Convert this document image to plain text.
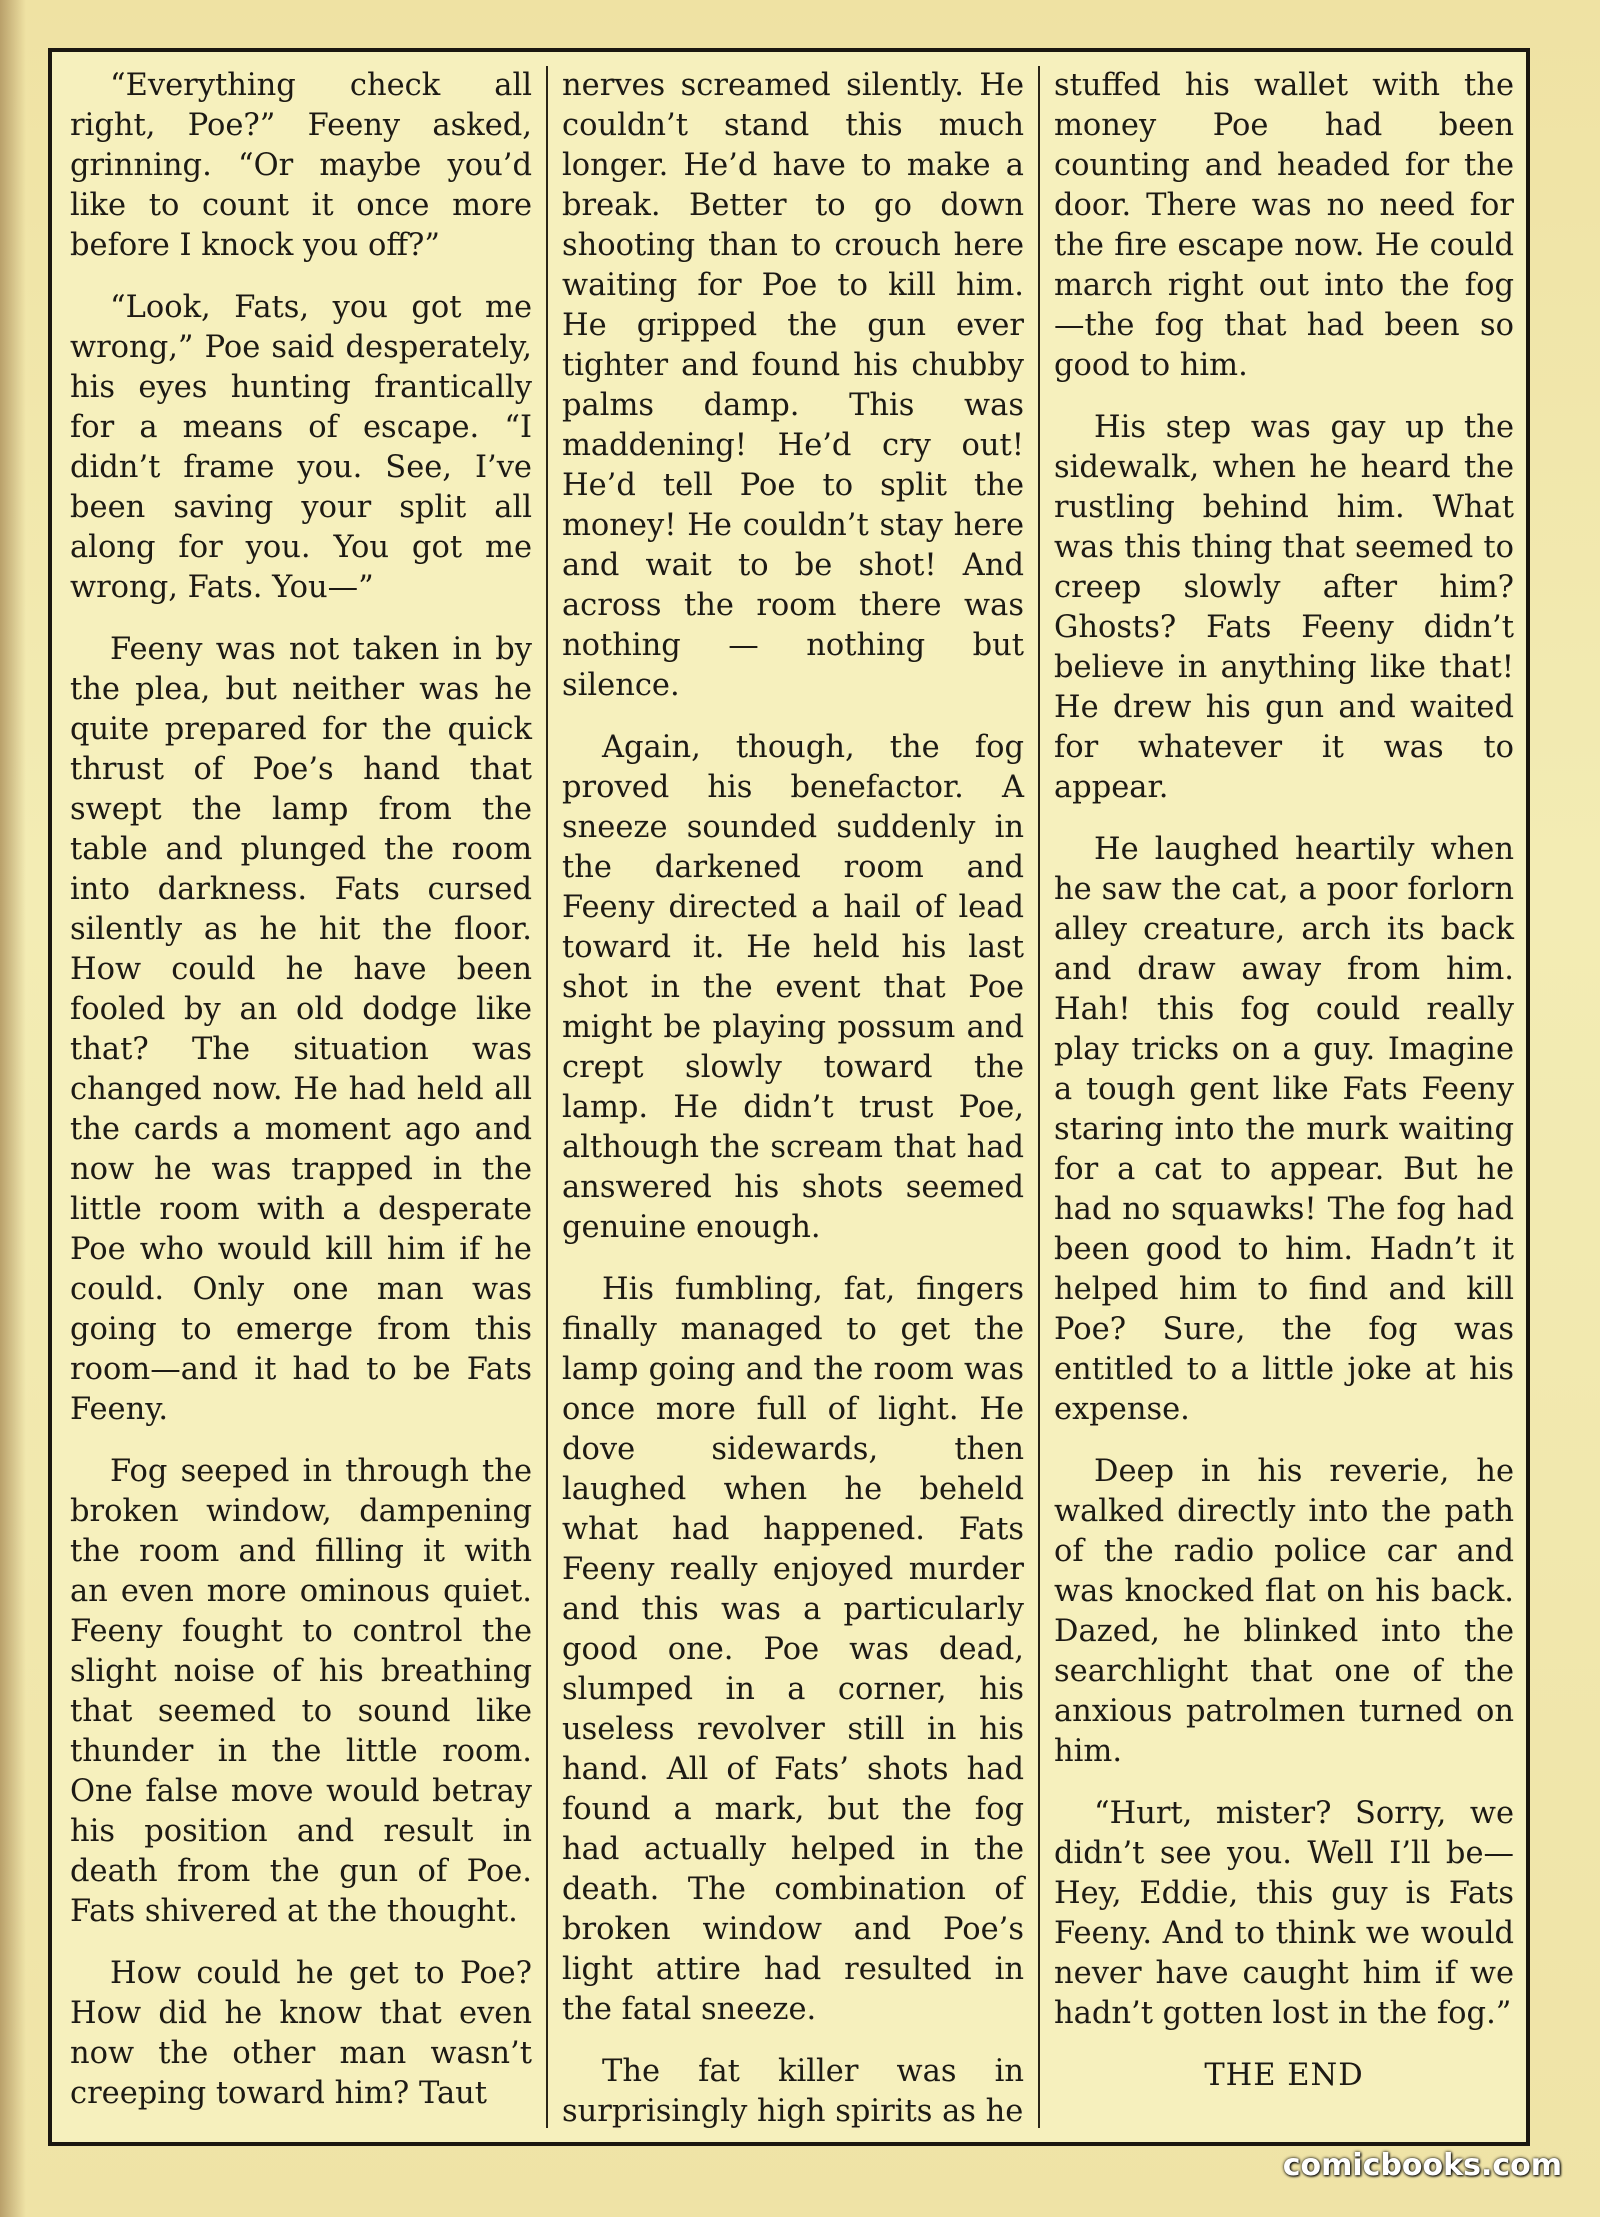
“Everything check all right, Poe?” Feeny asked, grinning. “Or maybe you’d like to count it once more before I knock you off?”

“Look, Fats, you got me wrong,” Poe said desperately, his eyes hunting frantically for a means of escape. “I didn’t frame you. See, I’ve been saving your split all along for you. You got me wrong, Fats. You—”

Feeny was not taken in by the plea, but neither was he quite prepared for the quick thrust of Poe’s hand that swept the lamp from the table and plunged the room into darkness. Fats cursed silently as he hit the floor. How could he have been fooled by an old dodge like that? The situation was changed now. He had held all the cards a moment ago and now he was trapped in the little room with a desperate Poe who would kill him if he could. Only one man was going to emerge from this room—and it had to be Fats Feeny.

Fog seeped in through the broken window, dampening the room and filling it with an even more ominous quiet. Feeny fought to control the slight noise of his breathing that seemed to sound like thunder in the little room. One false move would betray his position and result in death from the gun of Poe. Fats shivered at the thought.

How could he get to Poe? How did he know that even now the other man wasn’t creeping toward him? Taut

nerves screamed silently. He couldn’t stand this much longer. He’d have to make a break. Better to go down shooting than to crouch here waiting for Poe to kill him. He gripped the gun ever tighter and found his chubby palms damp. This was maddening! He’d cry out! He’d tell Poe to split the money! He couldn’t stay here and wait to be shot! And across the room there was nothing — nothing but silence.

Again, though, the fog proved his benefactor. A sneeze sounded suddenly in the darkened room and Feeny directed a hail of lead toward it. He held his last shot in the event that Poe might be playing possum and crept slowly toward the lamp. He didn’t trust Poe, although the scream that had answered his shots seemed genuine enough.

His fumbling, fat, fingers finally managed to get the lamp going and the room was once more full of light. He dove sidewards, then laughed when he beheld what had happened. Fats Feeny really enjoyed murder and this was a particularly good one. Poe was dead, slumped in a corner, his useless revolver still in his hand. All of Fats’ shots had found a mark, but the fog had actually helped in the death. The combination of broken window and Poe’s light attire had resulted in the fatal sneeze.

The fat killer was in surprisingly high spirits as he

stuffed his wallet with the money Poe had been counting and headed for the door. There was no need for the fire escape now. He could march right out into the fog—the fog that had been so good to him.

His step was gay up the sidewalk, when he heard the rustling behind him. What was this thing that seemed to creep slowly after him? Ghosts? Fats Feeny didn’t believe in anything like that! He drew his gun and waited for whatever it was to appear.

He laughed heartily when he saw the cat, a poor forlorn alley creature, arch its back and draw away from him. Hah! this fog could really play tricks on a guy. Imagine a tough gent like Fats Feeny staring into the murk waiting for a cat to appear. But he had no squawks! The fog had been good to him. Hadn’t it helped him to find and kill Poe? Sure, the fog was entitled to a little joke at his expense.

Deep in his reverie, he walked directly into the path of the radio police car and was knocked flat on his back. Dazed, he blinked into the searchlight that one of the anxious patrolmen turned on him.

“Hurt, mister? Sorry, we didn’t see you. Well I’ll be—Hey, Eddie, this guy is Fats Feeny. And to think we would never have caught him if we hadn’t gotten lost in the fog.”

THE END

comicbooks.com
